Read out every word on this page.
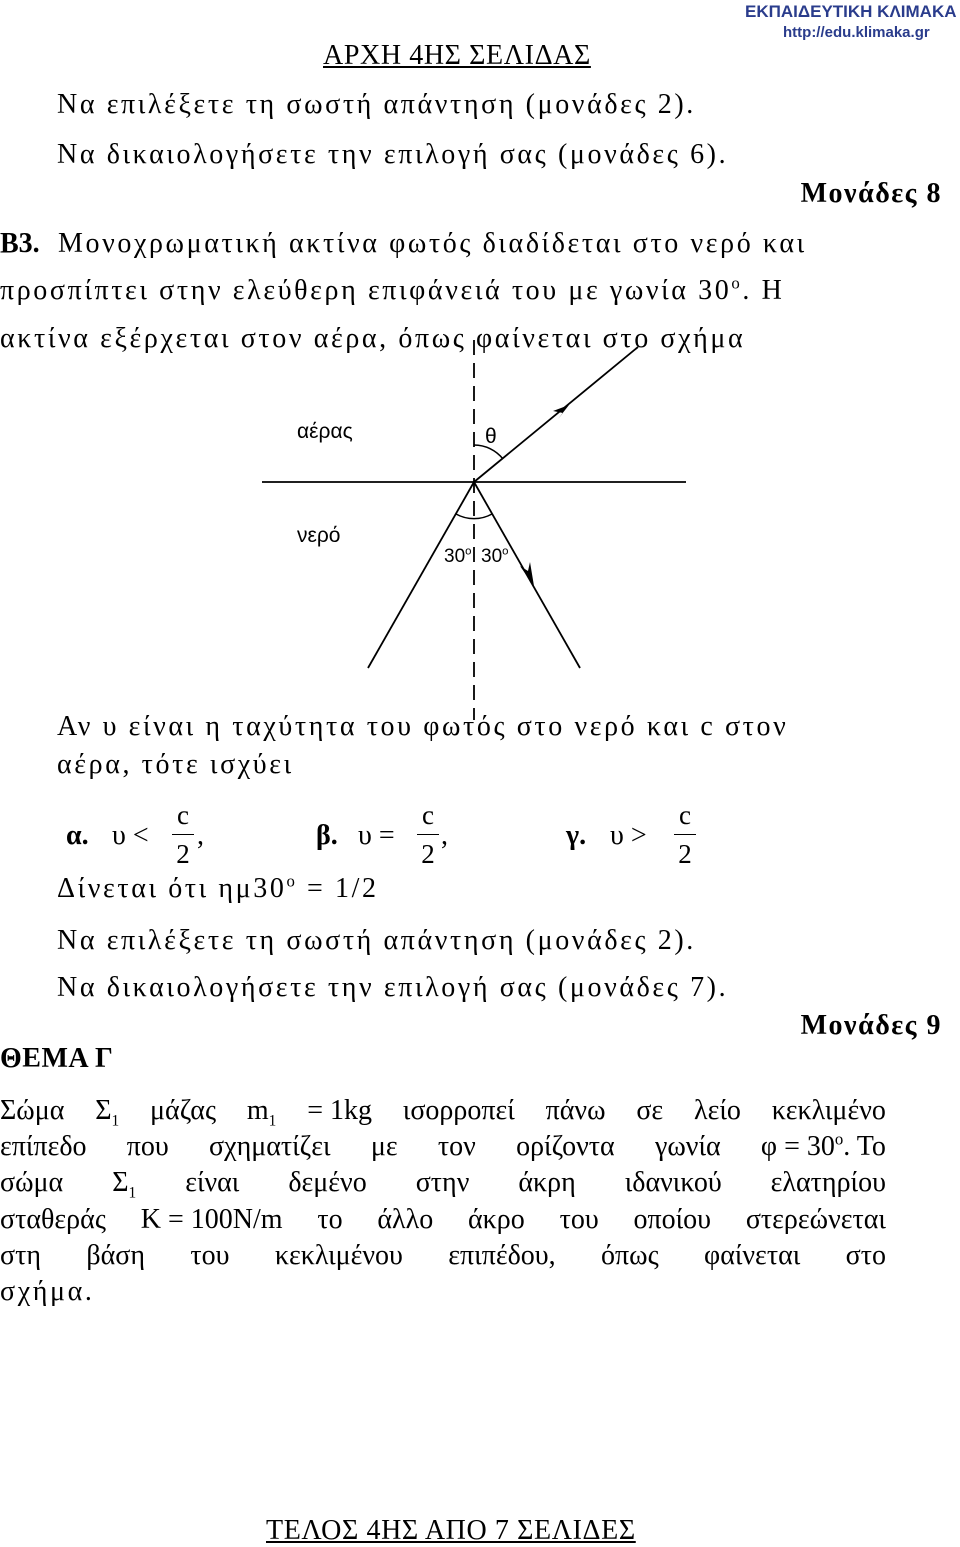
ΕΚΠΑΙΔΕΥΤΙΚΗ ΚΛΙΜΑΚΑ
http://edu.klimaka.gr
ΑΡΧΗ 4ΗΣ ΣΕΛΙΔΑΣ
Να επιλέξετε τη σωστή απάντηση (μονάδες 2).
Να δικαιολογήσετε την επιλογή σας (μονάδες 6).
Μονάδες 8
Β3. Μονοχρωματική ακτίνα φωτός διαδίδεται στο νερό και
προσπίπτει στην ελεύθερη επιφάνειά του με γωνία $30^o$. Η
ακτίνα εξέρχεται στον αέρα, όπως φαίνεται στο σχήμα
αέρας
νερό
θ
$30^o$ $30^o$
Αν υ είναι η ταχύτητα του φωτός στο νερό και c στον
αέρα, τότε ισχύει
α. υ <
c
2
,	β. υ =
c
2
,	γ. υ >
c
2
Δίνεται ότι $\eta\mu 30^o = 1/2$
Να επιλέξετε τη σωστή απάντηση (μονάδες 2).
Να δικαιολογήσετε την επιλογή σας (μονάδες 7).
Μονάδες 9
ΘΕΜΑ Γ
Σώμα $\Sigma_1$ μάζας $m_1 = 1kg$ ισορροπεί πάνω σε λείο κεκλιμένο
επίπεδο που σχηματίζει με τον ορίζοντα γωνία $\varphi = 30^o$. Το
σώμα $\Sigma_1$ είναι δεμένο στην άκρη ιδανικού ελατηρίου
σταθεράς Κ = 100N/m το άλλο άκρο του οποίου στερεώνεται
στη βάση του κεκλιμένου επιπέδου, όπως φαίνεται στο
σχήμα.
ΤΕΛΟΣ 4ΗΣ ΑΠΟ 7 ΣΕΛΙΔΕΣ
